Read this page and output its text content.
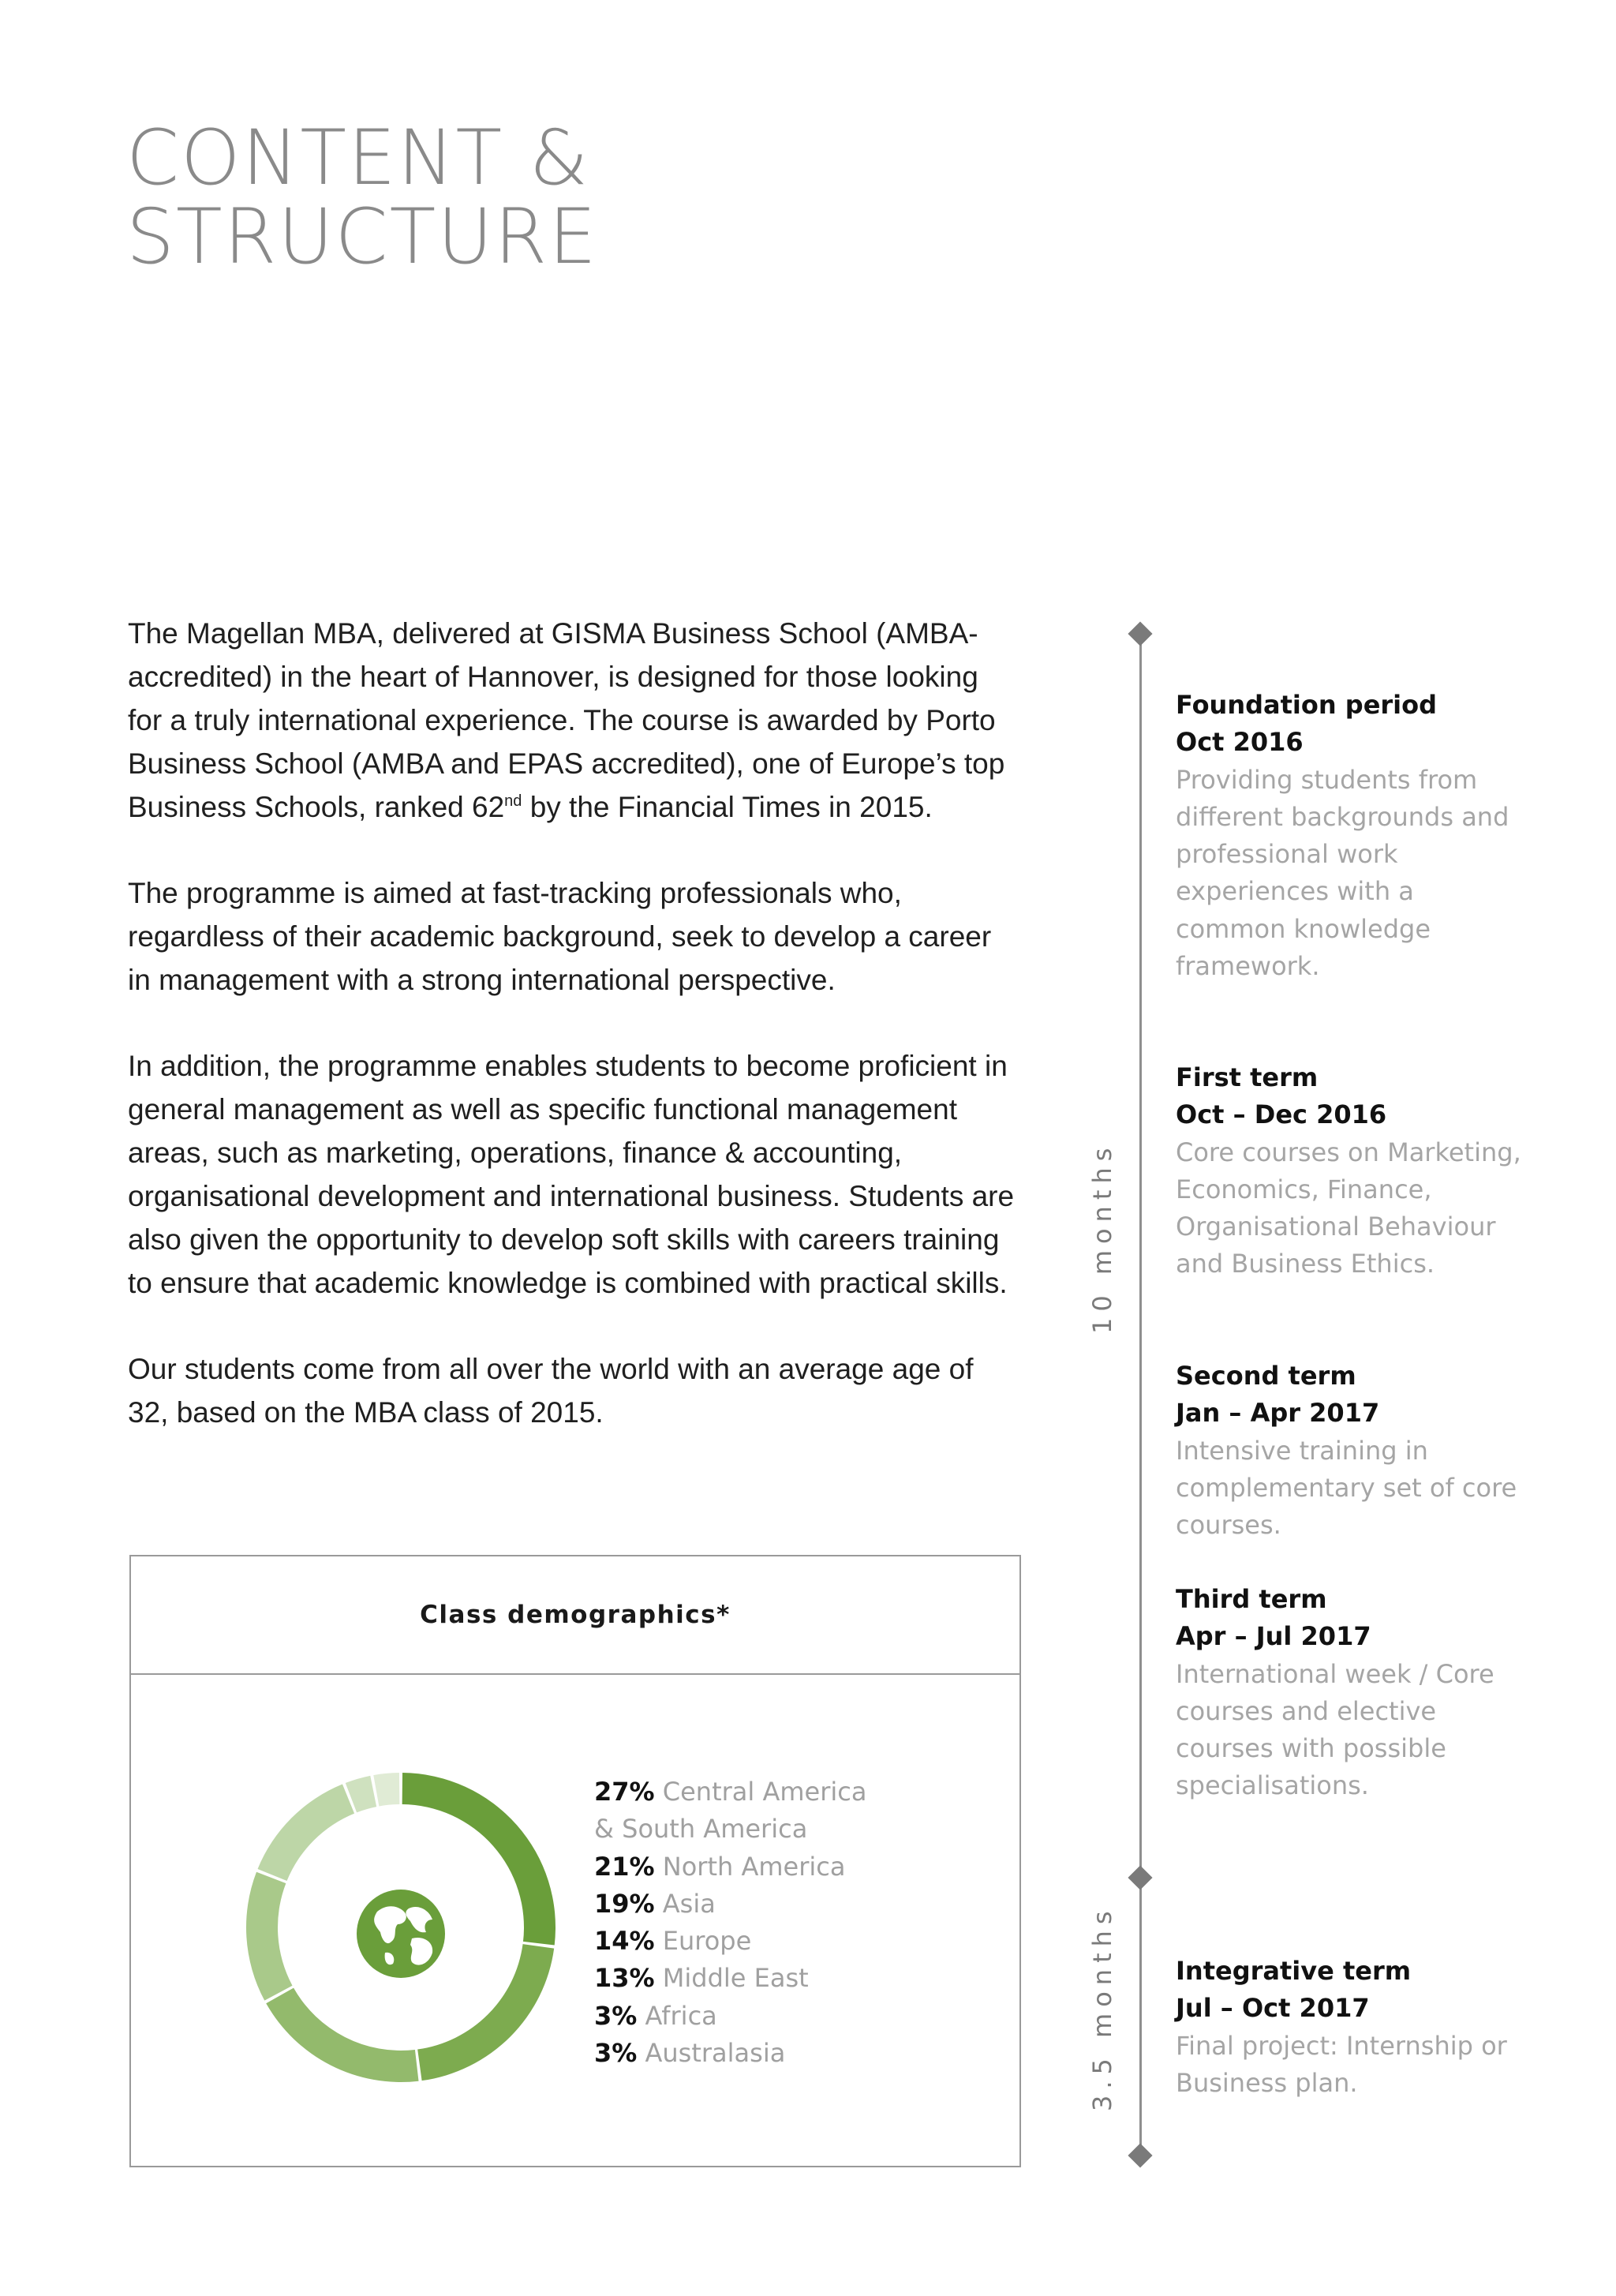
CONTENT &
STRUCTURE

The Magellan MBA, delivered at GISMA Business School (AMBA-accredited) in the heart of Hannover, is designed for those looking for a truly international experience. The course is awarded by Porto Business School (AMBA and EPAS accredited), one of Europe’s top Business Schools, ranked 62nd by the Financial Times in 2015.

The programme is aimed at fast-tracking professionals who, regardless of their academic background, seek to develop a career in management with a strong international perspective.

In addition, the programme enables students to become proficient in general management as well as specific functional management areas, such as marketing, operations, finance & accounting, organisational development and international business. Students are also given the opportunity to develop soft skills with careers training to ensure that academic knowledge is combined with practical skills.

Our students come from all over the world with an average age of 32, based on the MBA class of 2015.

Class demographics*
27% Central America
& South America
21% North America
19% Asia
14% Europe
13% Middle East
3% Africa
3% Australasia
10 months
3.5 months
Foundation period
Oct 2016
Providing students from different backgrounds and professional work experiences with a common knowledge framework.
First term
Oct – Dec 2016
Core courses on Marketing, Economics, Finance, Organisational Behaviour and Business Ethics.
Second term
Jan – Apr 2017
Intensive training in complementary set of core courses.
Third term
Apr – Jul 2017
International week / Core courses and elective courses with possible specialisations.
Integrative term
Jul – Oct 2017
Final project: Internship or Business plan.
